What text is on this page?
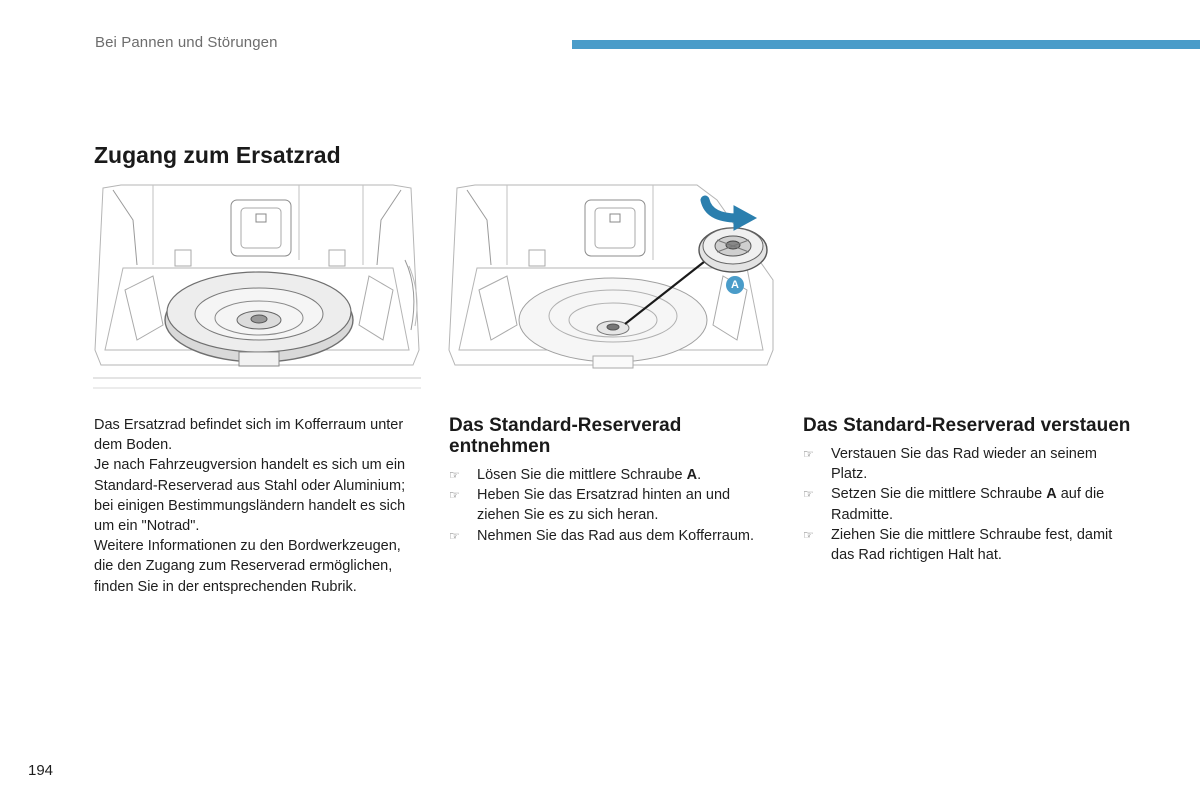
Bei Pannen und Störungen
Zugang zum Ersatzrad
A

Das Ersatzrad befindet sich im Kofferraum unter dem Boden.

Je nach Fahrzeugversion handelt es sich um ein Standard-Reserverad aus Stahl oder Aluminium; bei einigen Bestimmungsländern handelt es sich um ein "Notrad".

Weitere Informationen zu den Bordwerkzeugen, die den Zugang zum Reserverad ermöglichen, finden Sie in der entsprechenden Rubrik.

Das Standard-Reserverad entnehmen
☞ Lösen Sie die mittlere Schraube A.
☞ Heben Sie das Ersatzrad hinten an und ziehen Sie es zu sich heran.
☞ Nehmen Sie das Rad aus dem Kofferraum.
Das Standard-Reserverad verstauen
☞ Verstauen Sie das Rad wieder an seinem Platz.
☞ Setzen Sie die mittlere Schraube A auf die Radmitte.
☞ Ziehen Sie die mittlere Schraube fest, damit das Rad richtigen Halt hat.
194
